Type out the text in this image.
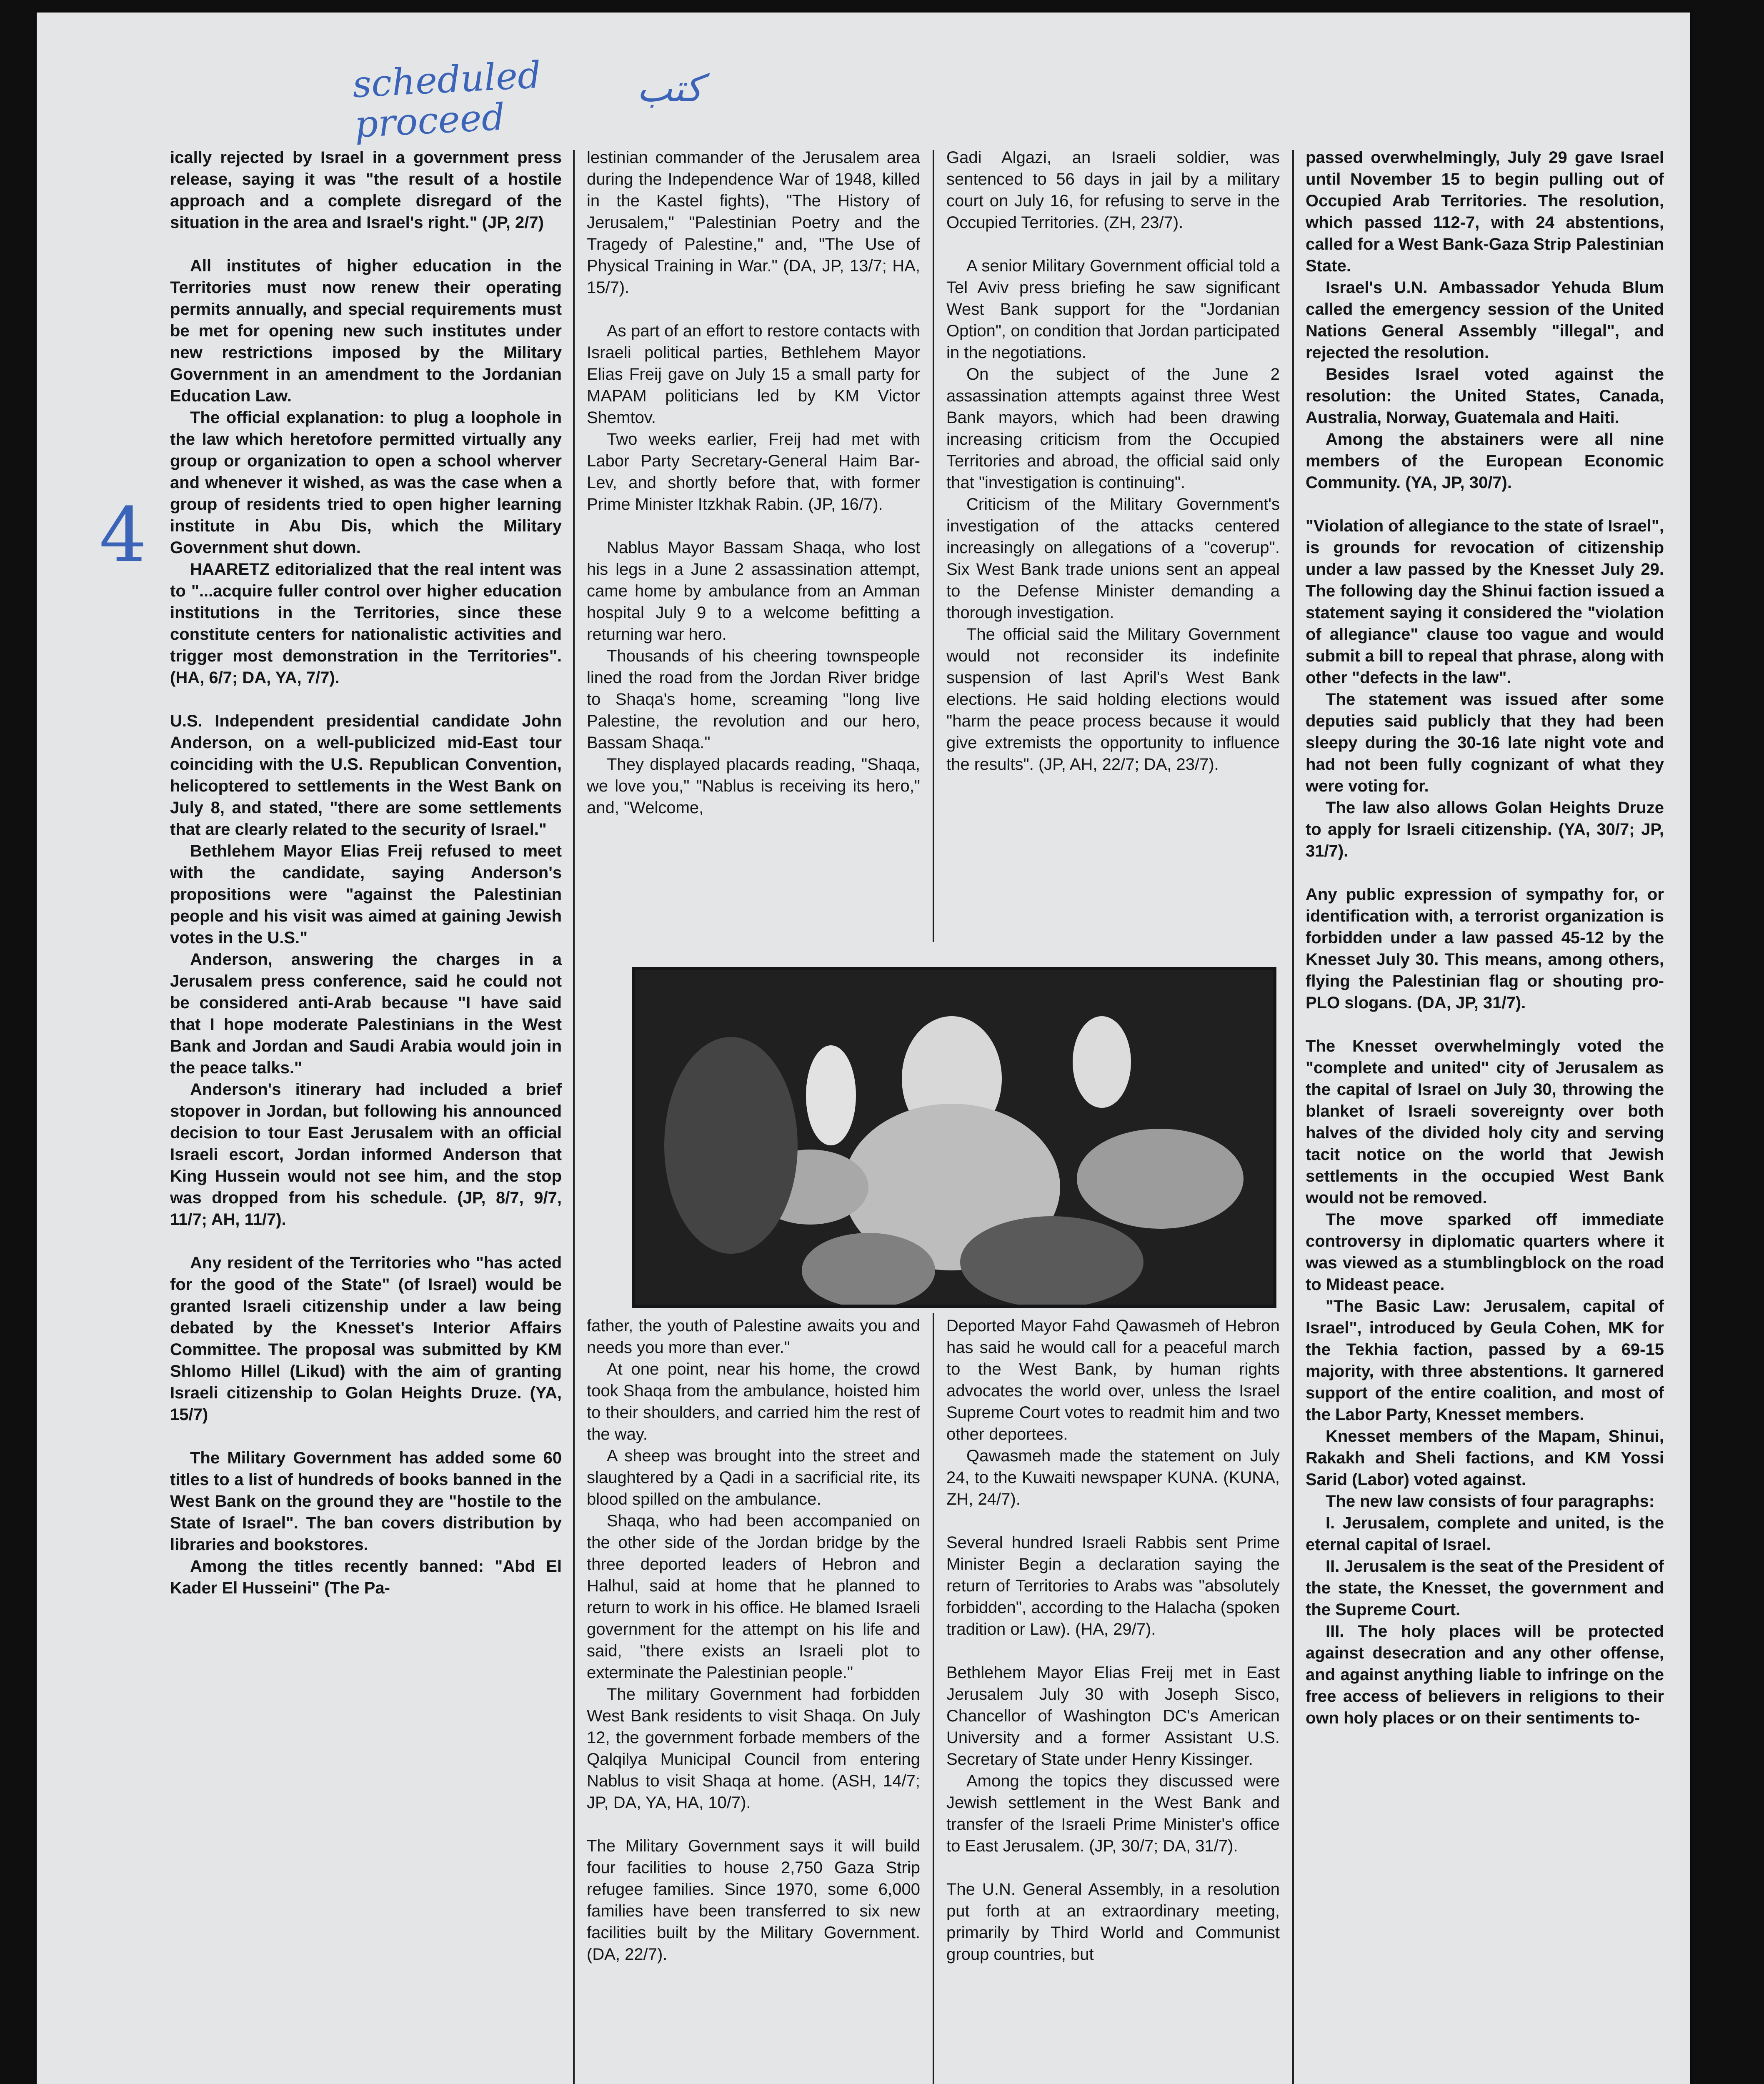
scheduled proceed
كتب
4

ically rejected by Israel in a government press release, saying it was "the result of a hostile approach and a complete disregard of the situation in the area and Israel's right." (JP, 2/7)

All institutes of higher education in the Territories must now renew their operating permits annually, and special requirements must be met for opening new such institutes under new restrictions imposed by the Military Government in an amendment to the Jordanian Education Law.

The official explanation: to plug a loophole in the law which heretofore permitted virtually any group or organization to open a school wherver and whenever it wished, as was the case when a group of residents tried to open higher learning institute in Abu Dis, which the Military Government shut down.

HAARETZ editorialized that the real intent was to "...acquire fuller control over higher education institutions in the Territories, since these constitute centers for nationalistic activities and trigger most demonstration in the Territories". (HA, 6/7; DA, YA, 7/7).

U.S. Independent presidential candidate John Anderson, on a well-publicized mid-East tour coinciding with the U.S. Republican Convention, helicoptered to settlements in the West Bank on July 8, and stated, "there are some settlements that are clearly related to the security of Israel."

Bethlehem Mayor Elias Freij refused to meet with the candidate, saying Anderson's propositions were "against the Palestinian people and his visit was aimed at gaining Jewish votes in the U.S."

Anderson, answering the charges in a Jerusalem press conference, said he could not be considered anti-Arab because "I have said that I hope moderate Palestinians in the West Bank and Jordan and Saudi Arabia would join in the peace talks."

Anderson's itinerary had included a brief stopover in Jordan, but following his announced decision to tour East Jerusalem with an official Israeli escort, Jordan informed Anderson that King Hussein would not see him, and the stop was dropped from his schedule. (JP, 8/7, 9/7, 11/7; AH, 11/7).

Any resident of the Territories who "has acted for the good of the State" (of Israel) would be granted Israeli citizenship under a law being debated by the Knesset's Interior Affairs Committee. The proposal was submitted by KM Shlomo Hillel (Likud) with the aim of granting Israeli citizenship to Golan Heights Druze. (YA, 15/7)

The Military Government has added some 60 titles to a list of hundreds of books banned in the West Bank on the ground they are "hostile to the State of Israel". The ban covers distribution by libraries and bookstores.

Among the titles recently banned: "Abd El Kader El Husseini" (The Pa-

lestinian commander of the Jerusalem area during the Independence War of 1948, killed in the Kastel fights), "The History of Jerusalem," "Palestinian Poetry and the Tragedy of Palestine," and, "The Use of Physical Training in War." (DA, JP, 13/7; HA, 15/7).

As part of an effort to restore contacts with Israeli political parties, Bethlehem Mayor Elias Freij gave on July 15 a small party for MAPAM politicians led by KM Victor Shemtov.

Two weeks earlier, Freij had met with Labor Party Secretary-General Haim Bar-Lev, and shortly before that, with former Prime Minister Itzkhak Rabin. (JP, 16/7).

Nablus Mayor Bassam Shaqa, who lost his legs in a June 2 assassination attempt, came home by ambulance from an Amman hospital July 9 to a welcome befitting a returning war hero.

Thousands of his cheering townspeople lined the road from the Jordan River bridge to Shaqa's home, screaming "long live Palestine, the revolution and our hero, Bassam Shaqa."

They displayed placards reading, "Shaqa, we love you," "Nablus is receiving its hero," and, "Welcome,

Gadi Algazi, an Israeli soldier, was sentenced to 56 days in jail by a military court on July 16, for refusing to serve in the Occupied Territories. (ZH, 23/7).

A senior Military Government official told a Tel Aviv press briefing he saw significant West Bank support for the "Jordanian Option", on condition that Jordan participated in the negotiations.

On the subject of the June 2 assassination attempts against three West Bank mayors, which had been drawing increasing criticism from the Occupied Territories and abroad, the official said only that "investigation is continuing".

Criticism of the Military Government's investigation of the attacks centered increasingly on allegations of a "coverup". Six West Bank trade unions sent an appeal to the Defense Minister demanding a thorough investigation.

The official said the Military Government would not reconsider its indefinite suspension of last April's West Bank elections. He said holding elections would "harm the peace process because it would give extremists the opportunity to influence the results". (JP, AH, 22/7; DA, 23/7).

passed overwhelmingly, July 29 gave Israel until November 15 to begin pulling out of Occupied Arab Territories. The resolution, which passed 112-7, with 24 abstentions, called for a West Bank-Gaza Strip Palestinian State.

Israel's U.N. Ambassador Yehuda Blum called the emergency session of the United Nations General Assembly "illegal", and rejected the resolution.

Besides Israel voted against the resolution: the United States, Canada, Australia, Norway, Guatemala and Haiti.

Among the abstainers were all nine members of the European Economic Community. (YA, JP, 30/7).

"Violation of allegiance to the state of Israel", is grounds for revocation of citizenship under a law passed by the Knesset July 29. The following day the Shinui faction issued a statement saying it considered the "violation of allegiance" clause too vague and would submit a bill to repeal that phrase, along with other "defects in the law".

The statement was issued after some deputies said publicly that they had been sleepy during the 30-16 late night vote and had not been fully cognizant of what they were voting for.

The law also allows Golan Heights Druze to apply for Israeli citizenship. (YA, 30/7; JP, 31/7).

Any public expression of sympathy for, or identification with, a terrorist organization is forbidden under a law passed 45-12 by the Knesset July 30. This means, among others, flying the Palestinian flag or shouting pro-PLO slogans. (DA, JP, 31/7).

The Knesset overwhelmingly voted the "complete and united" city of Jerusalem as the capital of Israel on July 30, throwing the blanket of Israeli sovereignty over both halves of the divided holy city and serving tacit notice on the world that Jewish settlements in the occupied West Bank would not be removed.

The move sparked off immediate controversy in diplomatic quarters where it was viewed as a stumblingblock on the road to Mideast peace.

"The Basic Law: Jerusalem, capital of Israel", introduced by Geula Cohen, MK for the Tekhia faction, passed by a 69-15 majority, with three abstentions. It garnered support of the entire coalition, and most of the Labor Party, Knesset members.

Knesset members of the Mapam, Shinui, Rakakh and Sheli factions, and KM Yossi Sarid (Labor) voted against.

The new law consists of four paragraphs:

I. Jerusalem, complete and united, is the eternal capital of Israel.

II. Jerusalem is the seat of the President of the state, the Knesset, the government and the Supreme Court.

III. The holy places will be protected against desecration and any other offense, and against anything liable to infringe on the free access of believers in religions to their own holy places or on their sentiments to-

father, the youth of Palestine awaits you and needs you more than ever."

At one point, near his home, the crowd took Shaqa from the ambulance, hoisted him to their shoulders, and carried him the rest of the way.

A sheep was brought into the street and slaughtered by a Qadi in a sacrificial rite, its blood spilled on the ambulance.

Shaqa, who had been accompanied on the other side of the Jordan bridge by the three deported leaders of Hebron and Halhul, said at home that he planned to return to work in his office. He blamed Israeli government for the attempt on his life and said, "there exists an Israeli plot to exterminate the Palestinian people."

The military Government had forbidden West Bank residents to visit Shaqa. On July 12, the government forbade members of the Qalqilya Municipal Council from entering Nablus to visit Shaqa at home. (ASH, 14/7; JP, DA, YA, HA, 10/7).

The Military Government says it will build four facilities to house 2,750 Gaza Strip refugee families. Since 1970, some 6,000 families have been transferred to six new facilities built by the Military Government. (DA, 22/7).

Deported Mayor Fahd Qawasmeh of Hebron has said he would call for a peaceful march to the West Bank, by human rights advocates the world over, unless the Israel Supreme Court votes to readmit him and two other deportees.

Qawasmeh made the statement on July 24, to the Kuwaiti newspaper KUNA. (KUNA, ZH, 24/7).

Several hundred Israeli Rabbis sent Prime Minister Begin a declaration saying the return of Territories to Arabs was "absolutely forbidden", according to the Halacha (spoken tradition or Law). (HA, 29/7).

Bethlehem Mayor Elias Freij met in East Jerusalem July 30 with Joseph Sisco, Chancellor of Washington DC's American University and a former Assistant U.S. Secretary of State under Henry Kissinger.

Among the topics they discussed were Jewish settlement in the West Bank and transfer of the Israeli Prime Minister's office to East Jerusalem. (JP, 30/7; DA, 31/7).

The U.N. General Assembly, in a resolution put forth at an extraordinary meeting, primarily by Third World and Communist group countries, but
